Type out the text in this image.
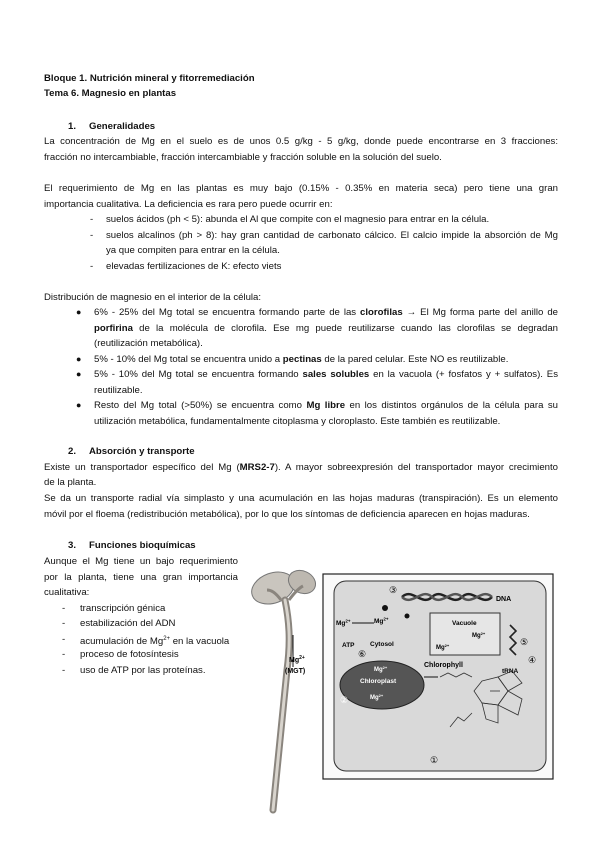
Bloque 1. Nutrición mineral y fitorremediación
Tema 6. Magnesio en plantas
1. Generalidades
La concentración de Mg en el suelo es de unos 0.5 g/kg - 5 g/kg, donde puede encontrarse en 3 fracciones:
fracción no intercambiable, fracción intercambiable y fracción soluble en la solución del suelo.
El requerimiento de Mg en las plantas es muy bajo (0.15% - 0.35% en materia seca) pero tiene una gran
importancia cualitativa. La deficiencia es rara pero puede ocurrir en:
- suelos ácidos (ph < 5): abunda el Al que compite con el magnesio para entrar en la célula.
- suelos alcalinos (ph > 8): hay gran cantidad de carbonato cálcico. El calcio impide la absorción de Mg
ya que compiten para entrar en la célula.
- elevadas fertilizaciones de K: efecto viets
Distribución de magnesio en el interior de la célula:
● 6% - 25% del Mg total se encuentra formando parte de las clorofilas → El Mg forma parte del anillo de
porfirina de la molécula de clorofila. Ese mg puede reutilizarse cuando las clorofilas se degradan
(reutilización metabólica).
● 5% - 10% del Mg total se encuentra unido a pectinas de la pared celular. Este NO es reutilizable.
● 5% - 10% del Mg total se encuentra formando sales solubles en la vacuola (+ fosfatos y + sulfatos). Es
reutilizable.
● Resto del Mg total (>50%) se encuentra como Mg libre en los distintos orgánulos de la célula para su
utilización metabólica, fundamentalmente citoplasma y cloroplasto. Este también es reutilizable.
2. Absorción y transporte
Existe un transportador específico del Mg (MRS2-7). A mayor sobreexpresión del transportador mayor crecimiento
de la planta.
Se da un transporte radial vía simplasto y una acumulación en las hojas maduras (transpiración). Es un elemento
móvil por el floema (redistribución metabólica), por lo que los síntomas de deficiencia aparecen en hojas maduras.
3. Funciones bioquímicas
Aunque el Mg tiene un bajo requerimiento
por la planta, tiene una gran importancia
cualitativa:
- transcripción génica
- estabilización del ADN
- acumulación de $Mg^{2+}$ en la vacuola
- proceso de fotosíntesis
- uso de ATP por las proteínas.
$Mg^{2+}$
(MGT)
DNA
③
$Mg^{2+}$	$Mg^{2+}$
ATP
⑥
Cytosol
Vacuole
$Mg^{2+}$
$Mg^{2+}$
tRNA
④
⑤
Chloroplast
$Mg^{2+}$
$Mg^{2+}$
②
Chlorophyll
①
